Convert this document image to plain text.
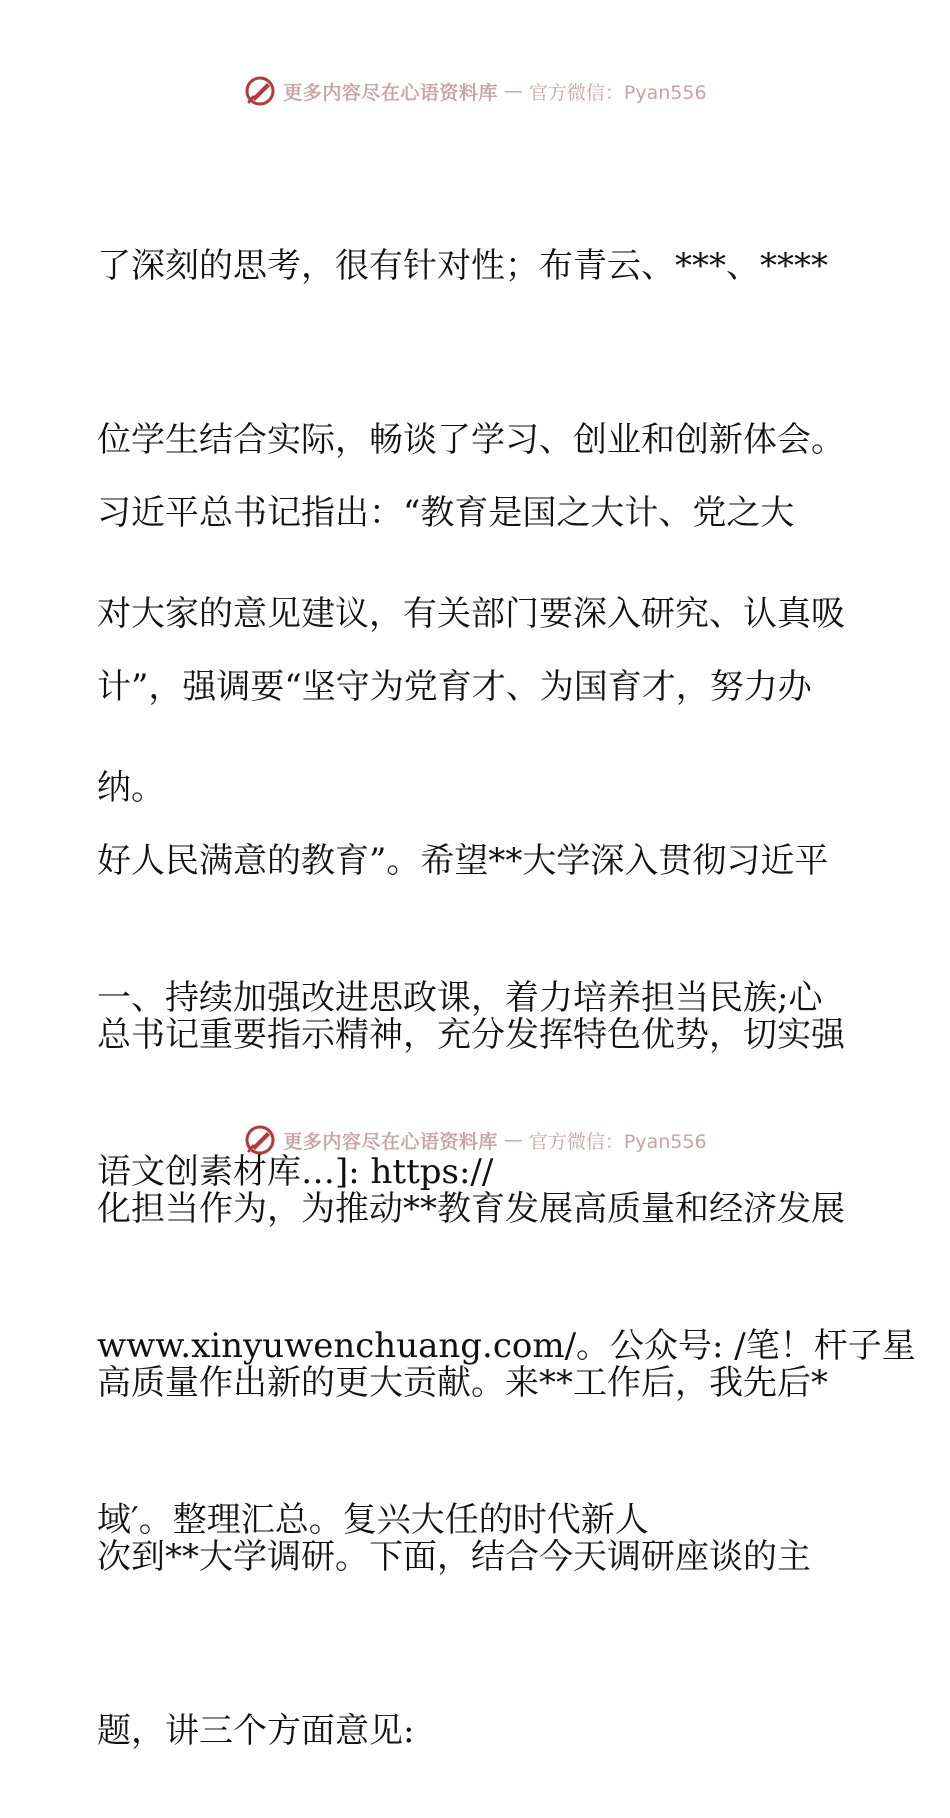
更多内容尽在心语资料库 — 官方微信：Pyan556

了深刻的思考，很有针对性；布青云、***、****

位学生结合实际，畅谈了学习、创业和创新体会。

对大家的意见建议，有关部门要深入研究、认真吸

纳。

习近平总书记指出：“教育是国之大计、党之大

计”，强调要“坚守为党育才、为国育才，努力办

好人民满意的教育”。希望**大学深入贯彻习近平

总书记重要指示精神，充分发挥特色优势，切实强

化担当作为，为推动**教育发展高质量和经济发展

高质量作出新的更大贡献。来**工作后，我先后*

次到**大学调研。下面，结合今天调研座谈的主

题，讲三个方面意见:

一、持续加强改进思政课，着力培养担当民族;心

语文创素材库…]: https://

www.xinyuwenchuang.com/。公众号: /笔！杆子星

域′。整理汇总。复兴大任的时代新人

更多内容尽在心语资料库 — 官方微信：Pyan556
